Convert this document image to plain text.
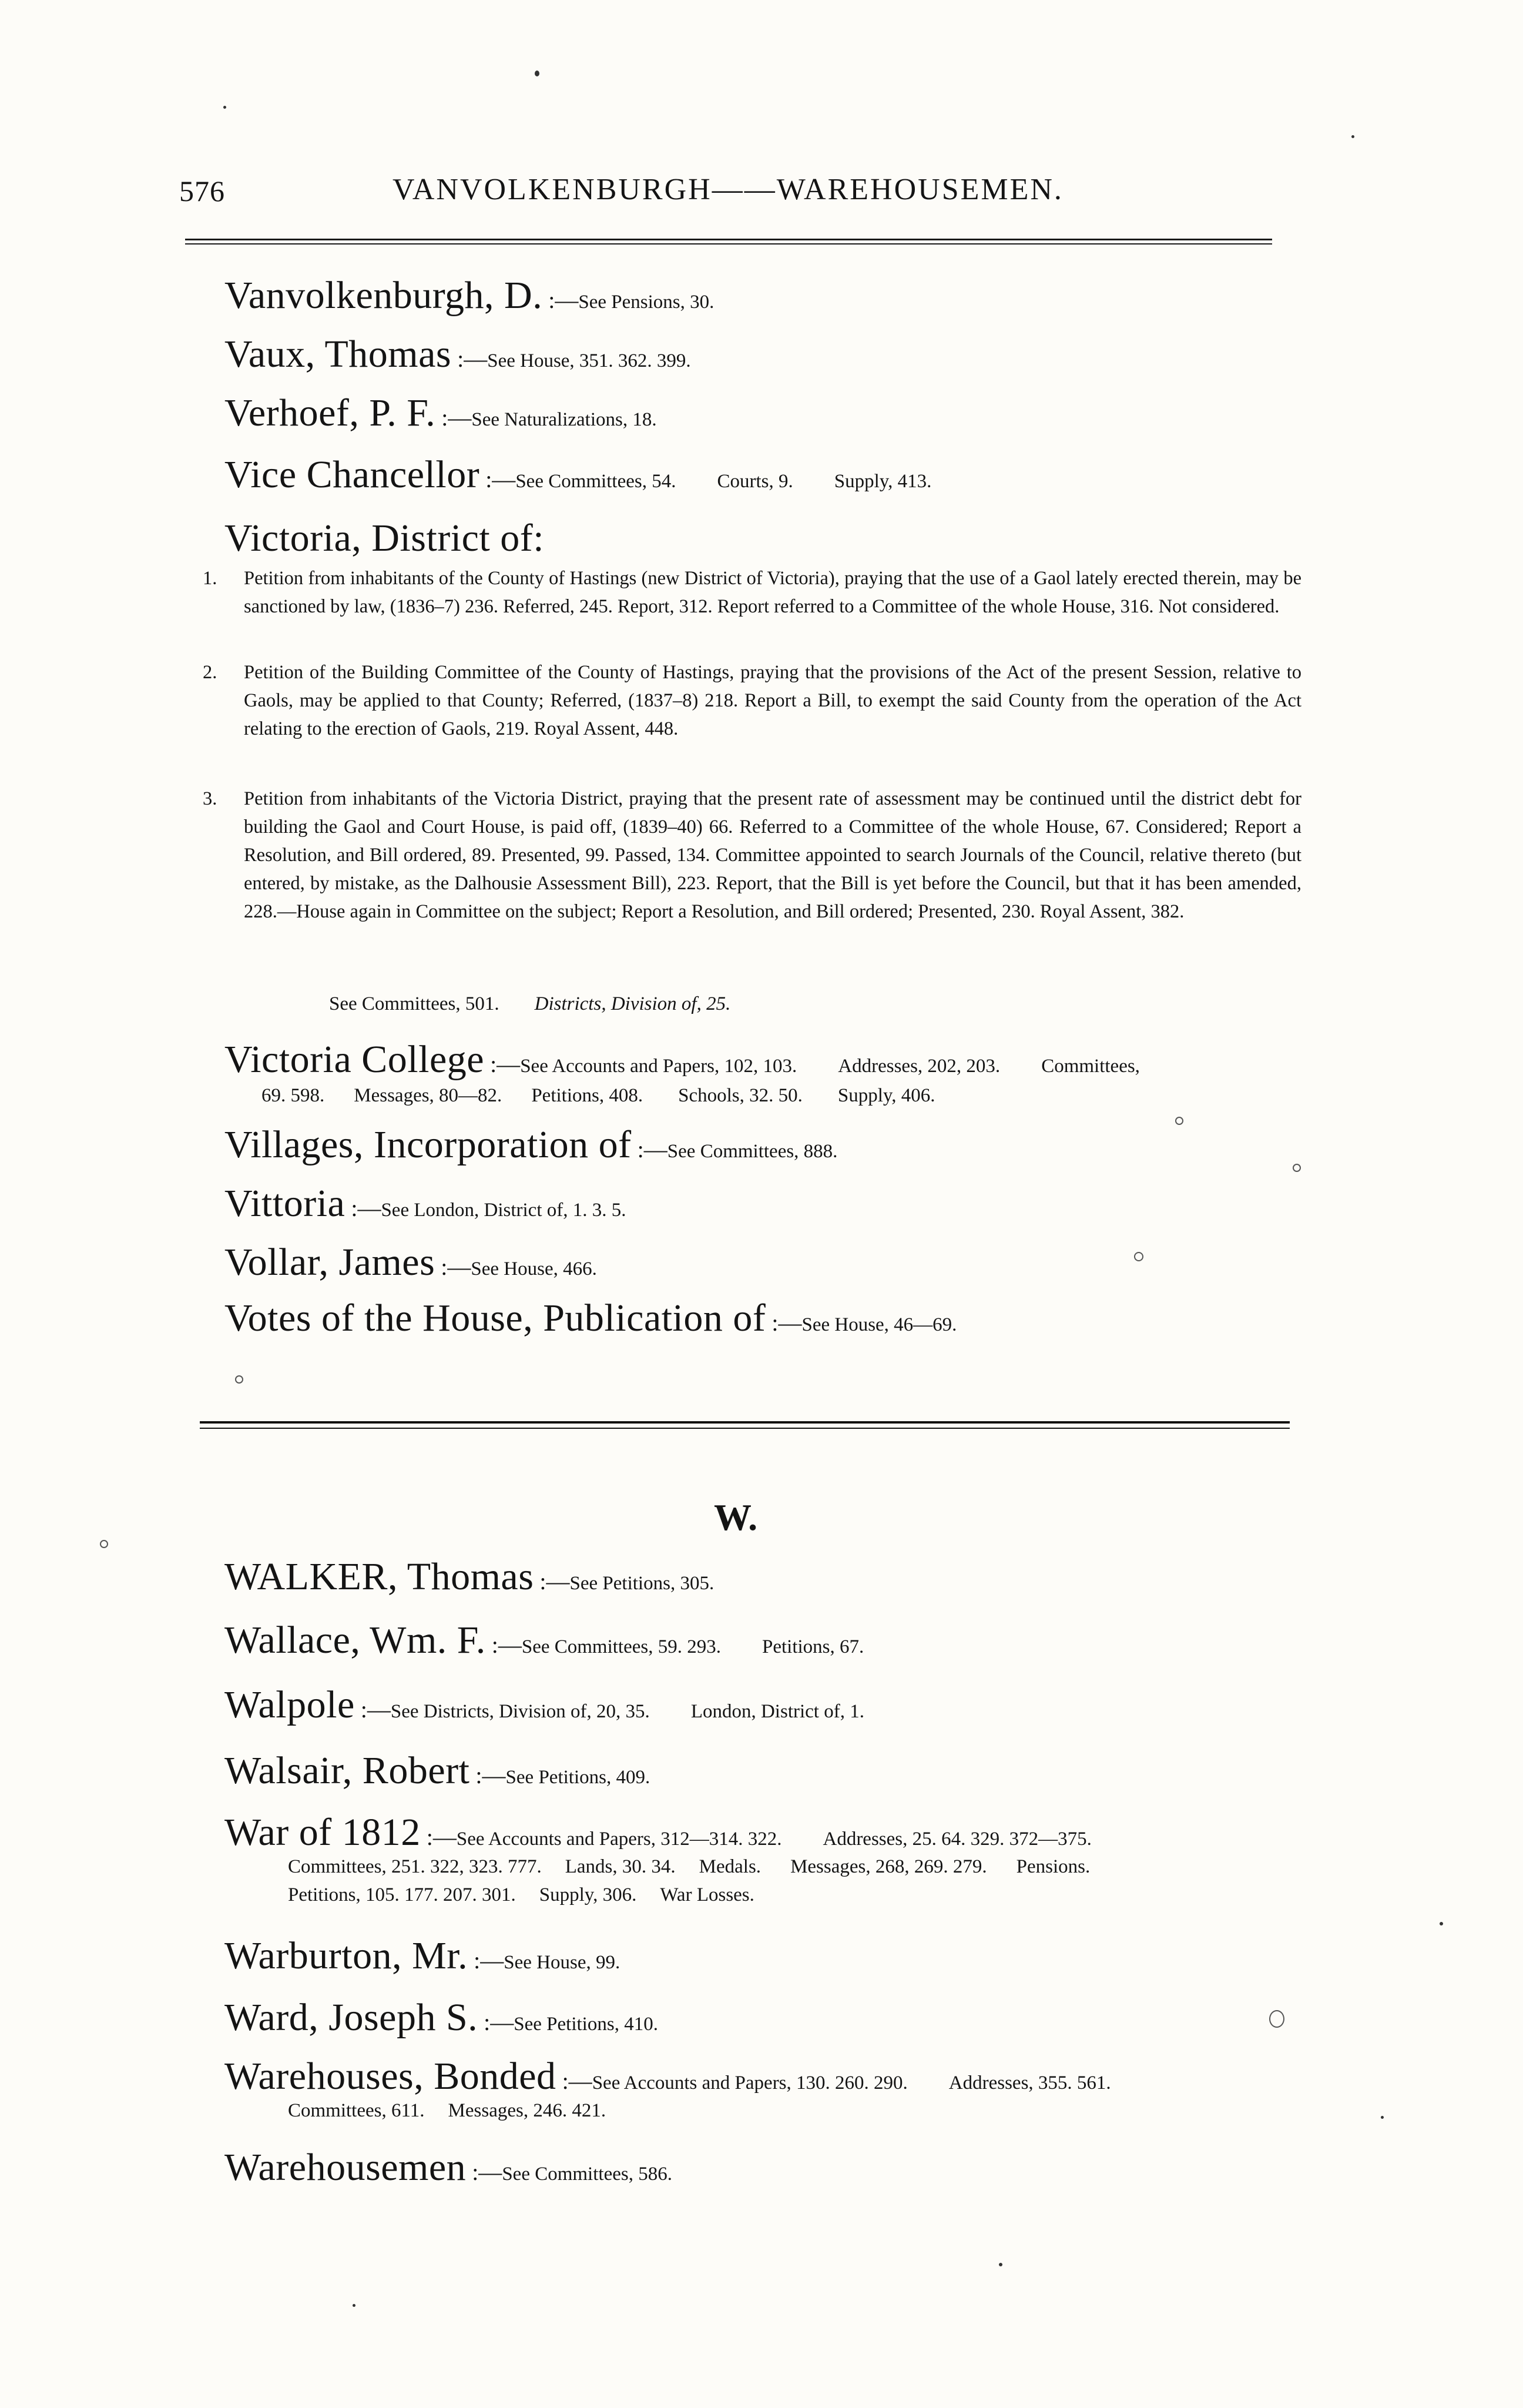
576	VANVOLKENBURGH——WAREHOUSEMEN.
Vanvolkenburgh, D. :—See Pensions, 30.
Vaux, Thomas :—See House, 351. 362. 399.
Verhoef, P. F. :—See Naturalizations, 18.
Vice Chancellor :—See Committees, 54. Courts, 9. Supply, 413.
Victoria, District of:
1. Petition from inhabitants of the County of Hastings (new District of Victoria), praying that the use of a Gaol lately erected therein, may be sanctioned by law, (1836–7) 236. Referred, 245. Report, 312. Report referred to a Committee of the whole House, 316. Not considered.
2. Petition of the Building Committee of the County of Hastings, praying that the provisions of the Act of the present Session, relative to Gaols, may be applied to that County; Referred, (1837–8) 218. Report a Bill, to exempt the said County from the operation of the Act relating to the erection of Gaols, 219. Royal Assent, 448.
3. Petition from inhabitants of the Victoria District, praying that the present rate of assessment may be continued until the district debt for building the Gaol and Court House, is paid off, (1839–40) 66. Referred to a Committee of the whole House, 67. Considered; Report a Resolution, and Bill ordered, 89. Presented, 99. Passed, 134. Committee appointed to search Journals of the Council, relative thereto (but entered, by mistake, as the Dalhousie Assessment Bill), 223. Report, that the Bill is yet before the Council, but that it has been amended, 228.—House again in Committee on the subject; Report a Resolution, and Bill ordered; Presented, 230. Royal Assent, 382.
See Committees, 501. Districts, Division of, 25.
Victoria College :—See Accounts and Papers, 102, 103. Addresses, 202, 203. Committees,
69. 598. Messages, 80—82. Petitions, 408. Schools, 32. 50. Supply, 406.
Villages, Incorporation of :—See Committees, 888.
Vittoria :—See London, District of, 1. 3. 5.
Vollar, James :—See House, 466.
Votes of the House, Publication of :—See House, 46—69.
W.
WALKER, Thomas :—See Petitions, 305.
Wallace, Wm. F. :—See Committees, 59. 293. Petitions, 67.
Walpole :—See Districts, Division of, 20, 35. London, District of, 1.
Walsair, Robert :—See Petitions, 409.
War of 1812 :—See Accounts and Papers, 312—314. 322. Addresses, 25. 64. 329. 372—375.
Committees, 251. 322, 323. 777. Lands, 30. 34. Medals. Messages, 268, 269. 279. Pensions.
Petitions, 105. 177. 207. 301. Supply, 306. War Losses.
Warburton, Mr. :—See House, 99.
Ward, Joseph S. :—See Petitions, 410.
Warehouses, Bonded :—See Accounts and Papers, 130. 260. 290. Addresses, 355. 561.
Committees, 611. Messages, 246. 421.
Warehousemen :—See Committees, 586.
